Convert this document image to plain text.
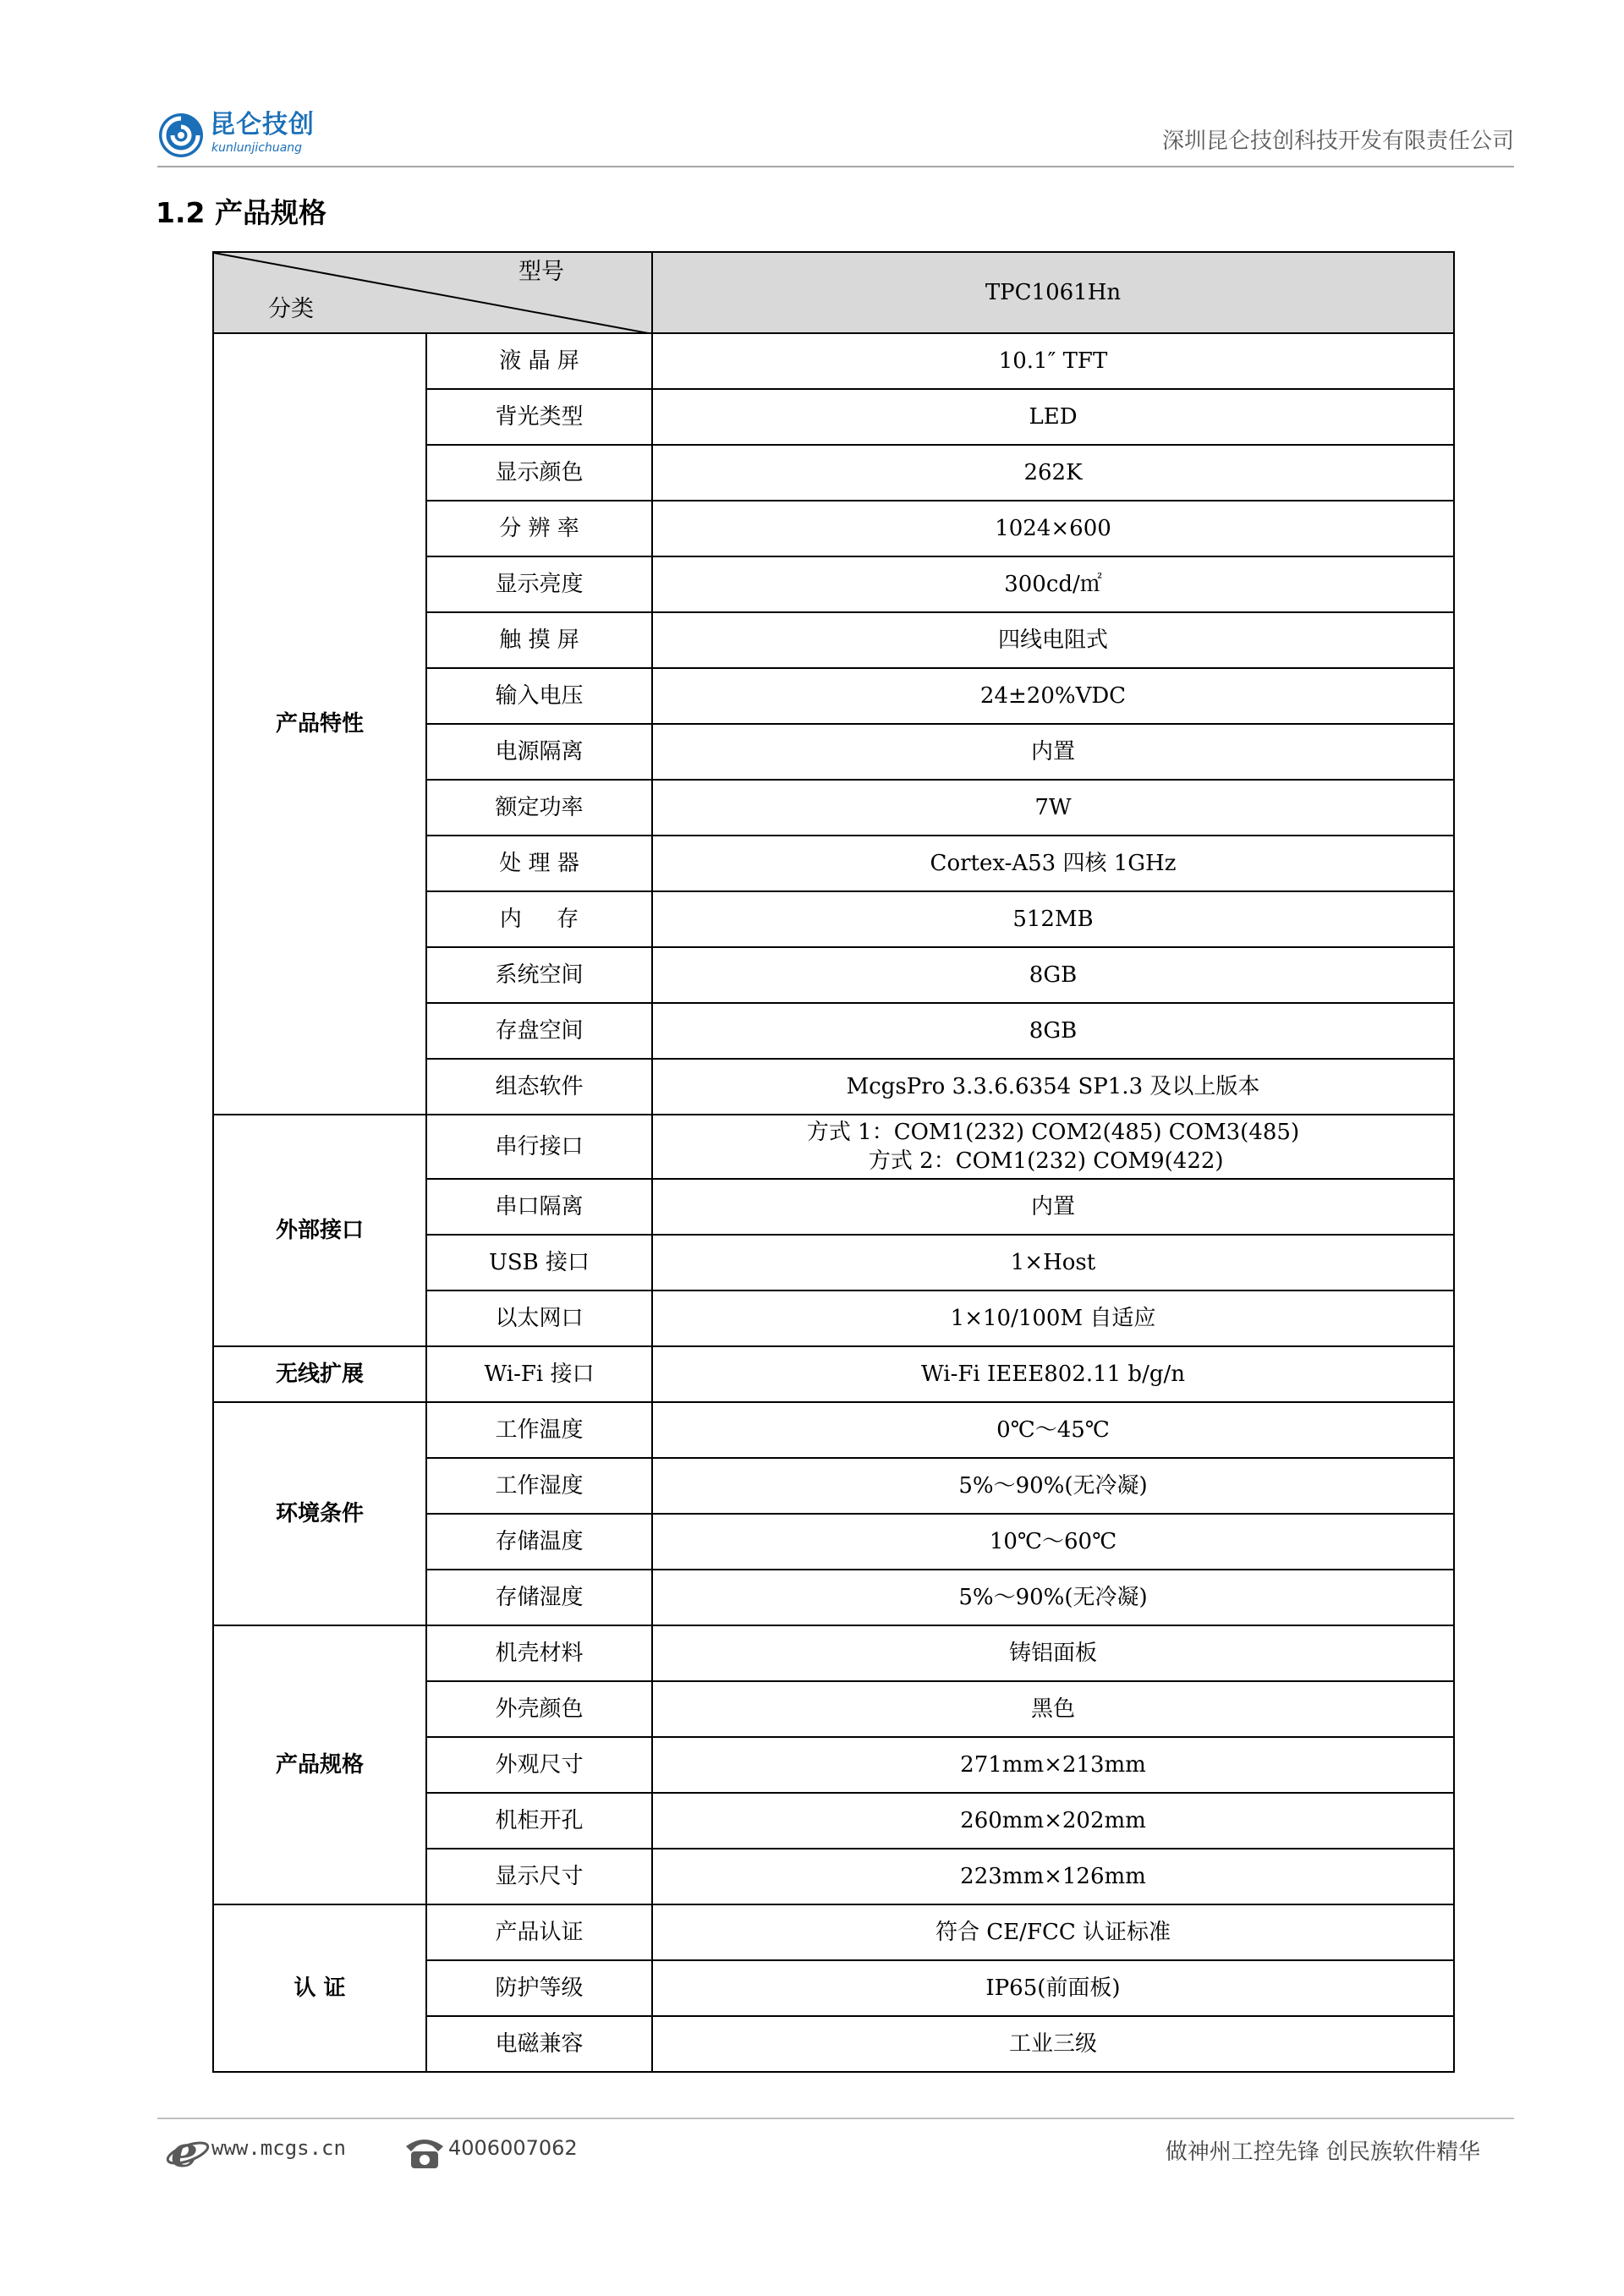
昆仑技创
kunlunjichuang	深圳昆仑技创科技开发有限责任公司
1.2 产品规格
型号
分类		TPC1061Hn
产品特性	液 晶 屏	10.1″ TFT
	背光类型	LED
	显示颜色	262K
	分 辨 率	1024×600
	显示亮度	300cd/㎡
	触 摸 屏	四线电阻式
	输入电压	24±20%VDC
	电源隔离	内置
	额定功率	7W
	处 理 器	Cortex-A53 四核 1GHz
	内     存	512MB
	系统空间	8GB
	存盘空间	8GB
	组态软件	McgsPro 3.3.6.6354 SP1.3 及以上版本
外部接口	串行接口	方式 1：COM1(232) COM2(485) COM3(485)
方式 2：COM1(232) COM9(422)

	串口隔离	内置
	USB 接口	1×Host
	以太网口	1×10/100M 自适应
无线扩展	Wi-Fi 接口	Wi-Fi IEEE802.11 b/g/n
环境条件	工作温度	0℃～45℃
	工作湿度	5%～90%(无冷凝)
	存储温度	10℃～60℃
	存储湿度	5%～90%(无冷凝)
产品规格	机壳材料	铸铝面板
	外壳颜色	黑色
	外观尺寸	271mm×213mm
	机柜开孔	260mm×202mm
	显示尺寸	223mm×126mm
认 证	产品认证	符合 CE/FCC 认证标准
	防护等级	IP65(前面板)
	电磁兼容	工业三级
e www.mcgs.cn	4006007062	做神州工控先锋 创民族软件精华
